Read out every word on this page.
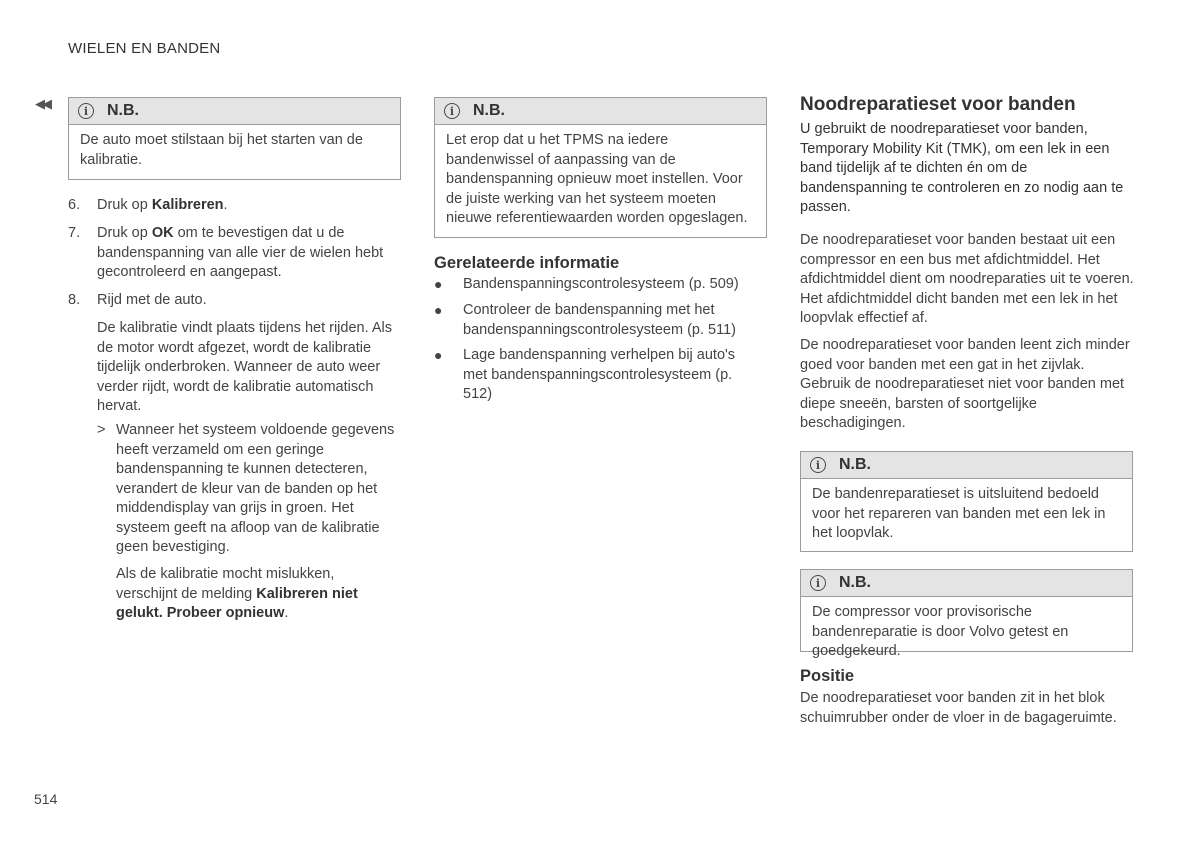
WIELEN EN BANDEN
◀◀	i	N.B.
De auto moet stilstaan bij het starten van de kalibratie.
6. Druk op Kalibreren.
7. Druk op OK om te bevestigen dat u de bandenspanning van alle vier de wielen hebt gecontroleerd en aangepast.
8. Rijd met de auto.
De kalibratie vindt plaats tijdens het rijden. Als de motor wordt afgezet, wordt de kalibratie tijdelijk onderbroken. Wanneer de auto weer verder rijdt, wordt de kalibratie automatisch hervat.
> Wanneer het systeem voldoende gegevens heeft verzameld om een geringe bandenspanning te kunnen detecteren, verandert de kleur van de banden op het middendisplay van grijs in groen. Het systeem geeft na afloop van de kalibratie geen bevestiging.
Als de kalibratie mocht mislukken, verschijnt de melding Kalibreren niet gelukt. Probeer opnieuw.
i	N.B.
Let erop dat u het TPMS na iedere bandenwissel of aanpassing van de bandenspanning opnieuw moet instellen. Voor de juiste werking van het systeem moeten nieuwe referentiewaarden worden opgeslagen.
Gerelateerde informatie
● Bandenspanningscontrolesysteem (p. 509)
● Controleer de bandenspanning met het bandenspanningscontrolesysteem (p. 511)
● Lage bandenspanning verhelpen bij auto's met bandenspanningscontrolesysteem (p. 512)
Noodreparatieset voor banden
U gebruikt de noodreparatieset voor banden, Temporary Mobility Kit (TMK), om een lek in een band tijdelijk af te dichten én om de bandenspanning te controleren en zo nodig aan te passen.
De noodreparatieset voor banden bestaat uit een compressor en een bus met afdichtmiddel. Het afdichtmiddel dient om noodreparaties uit te voeren. Het afdichtmiddel dicht banden met een lek in het loopvlak effectief af.
De noodreparatieset voor banden leent zich minder goed voor banden met een gat in het zijvlak. Gebruik de noodreparatieset niet voor banden met diepe sneeën, barsten of soortgelijke beschadigingen.
i	N.B.
De bandenreparatieset is uitsluitend bedoeld voor het repareren van banden met een lek in het loopvlak.
i	N.B.
De compressor voor provisorische bandenreparatie is door Volvo getest en goedgekeurd.
Positie
De noodreparatieset voor banden zit in het blok schuimrubber onder de vloer in de bagageruimte.
514
